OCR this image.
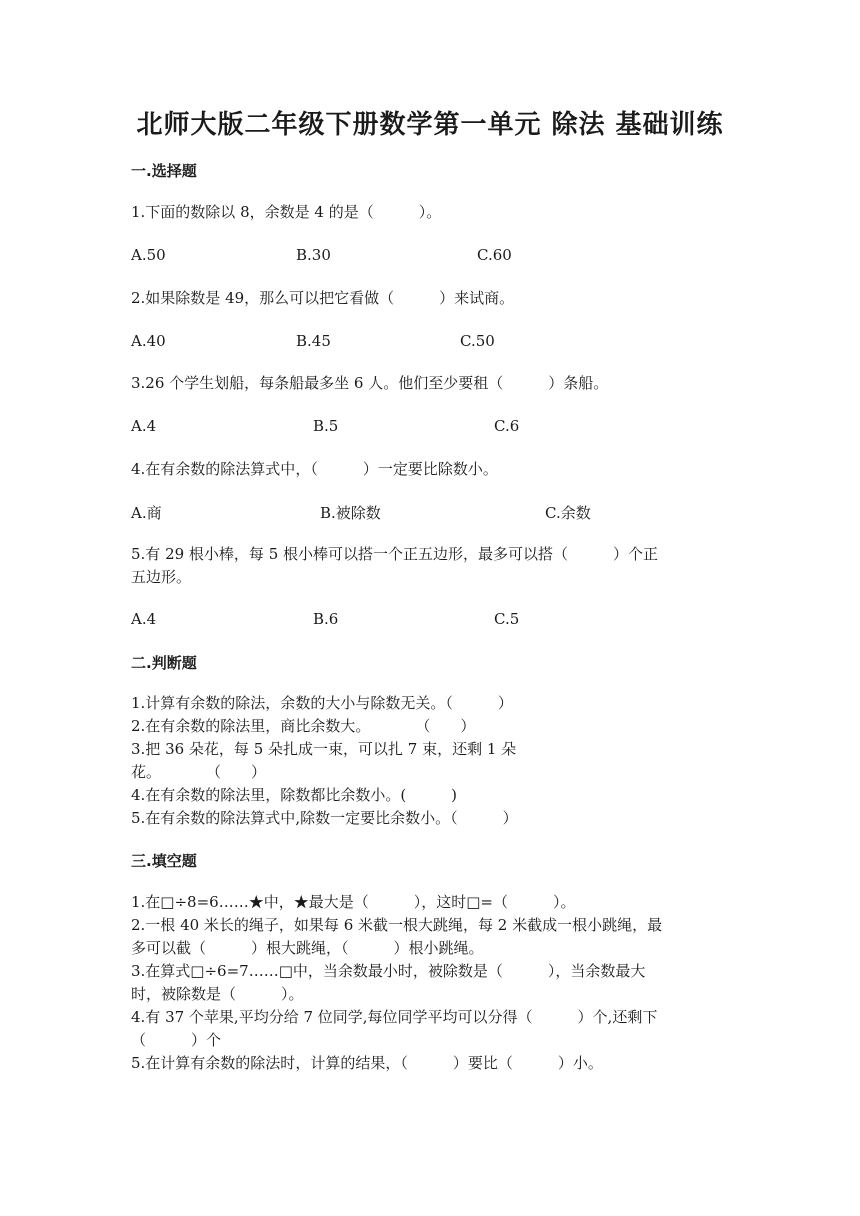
北师大版二年级下册数学第一单元 除法 基础训练
一.选择题
1.下面的数除以 8，余数是 4 的是（　　　）。
A.50	B.30	C.60
2.如果除数是 49，那么可以把它看做（　　　）来试商。
A.40	B.45	C.50
3.26 个学生划船，每条船最多坐 6 人。他们至少要租（　　　）条船。
A.4	B.5	C.6
4.在有余数的除法算式中，（　　　）一定要比除数小。
A.商	B.被除数	C.余数
5.有 29 根小棒，每 5 根小棒可以搭一个正五边形，最多可以搭（　　　）个正
五边形。
A.4	B.6	C.5
二.判断题
1.计算有余数的除法，余数的大小与除数无关。（　　　）
2.在有余数的除法里，商比余数大。　　　　（　　）
3.把 36 朵花，每 5 朵扎成一束，可以扎 7 束，还剩 1 朵
花。　　　　（　　）
4.在有余数的除法里，除数都比余数小。(　　　)
5.在有余数的除法算式中,除数一定要比余数小。（　　　）
三.填空题
1.在□÷8=6……★中，★最大是（　　　），这时□=（　　　）。
2.一根 40 米长的绳子，如果每 6 米截一根大跳绳，每 2 米截成一根小跳绳，最
多可以截（　　　）根大跳绳，（　　　）根小跳绳。
3.在算式□÷6=7……□中，当余数最小时，被除数是（　　　），当余数最大
时，被除数是（　　　）。
4.有 37 个苹果,平均分给 7 位同学,每位同学平均可以分得（　　　）个,还剩下
（　　　）个
5.在计算有余数的除法时，计算的结果，（　　　）要比（　　　）小。
